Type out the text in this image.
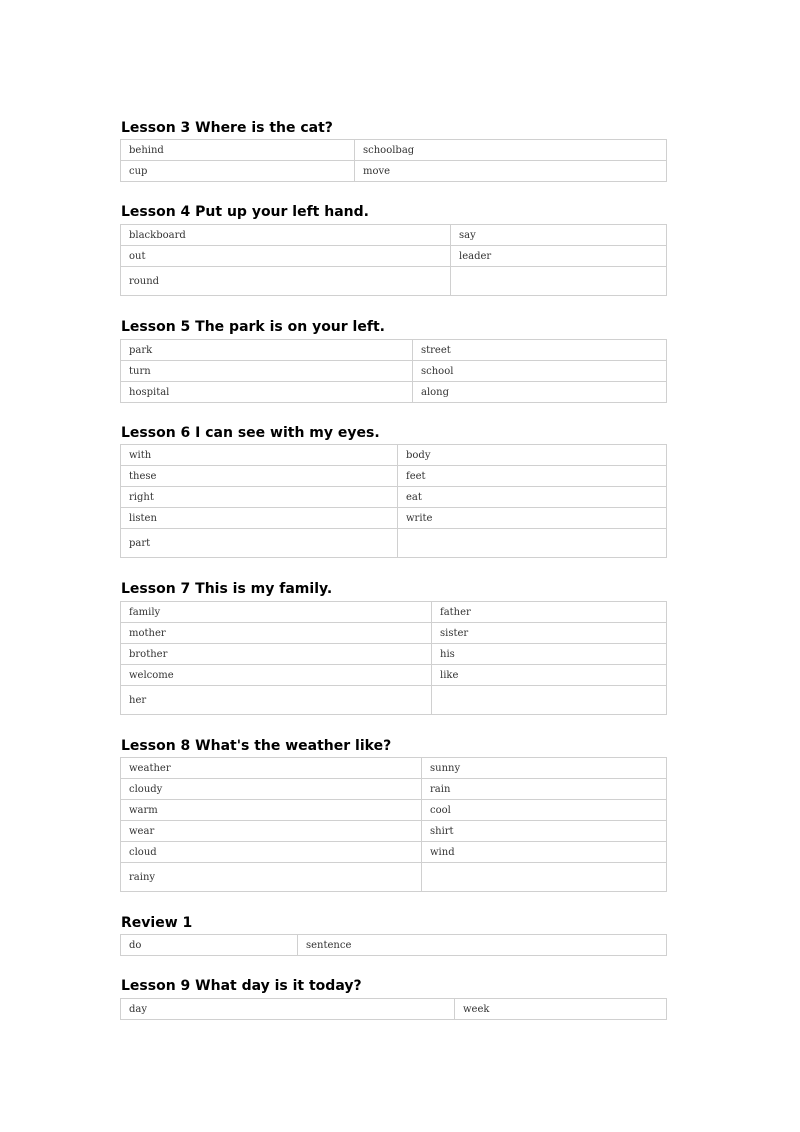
Lesson 3 Where is the cat?
behind	schoolbag
cup	move
Lesson 4 Put up your left hand.
blackboard	say
out	leader
round	
Lesson 5 The park is on your left.
park	street
turn	school
hospital	along
Lesson 6 I can see with my eyes.
with	body
these	feet
right	eat
listen	write
part	
Lesson 7 This is my family.
family	father
mother	sister
brother	his
welcome	like
her	
Lesson 8 What's the weather like?
weather	sunny
cloudy	rain
warm	cool
wear	shirt
cloud	wind
rainy	
Review 1
do	sentence
Lesson 9 What day is it today?
day	week
